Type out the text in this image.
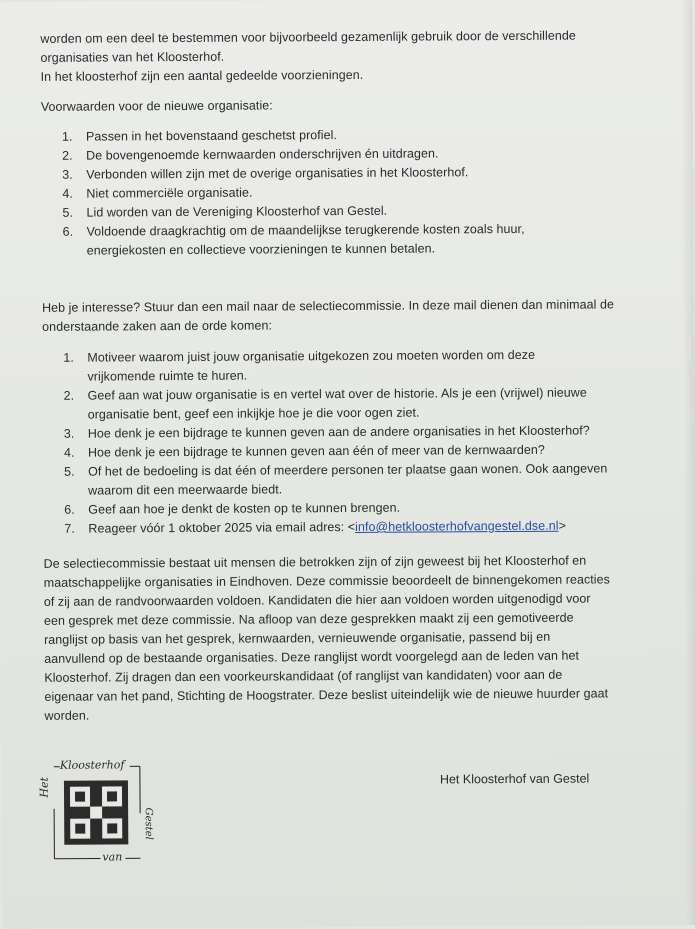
worden om een deel te bestemmen voor bijvoorbeeld gezamenlijk gebruik door de verschillende

organisaties van het Kloosterhof.

In het kloosterhof zijn een aantal gedeelde voorzieningen.

Voorwaarden voor de nieuwe organisatie:
1. Passen in het bovenstaand geschetst profiel.

2. De bovengenoemde kernwaarden onderschrijven én uitdragen.

3. Verbonden willen zijn met de overige organisaties in het Kloosterhof.

4. Niet commerciële organisatie.

5. Lid worden van de Vereniging Kloosterhof van Gestel.

6. Voldoende draagkrachtig om de maandelijkse terugkerende kosten zoals huur,

energiekosten en collectieve voorzieningen te kunnen betalen.

Heb je interesse? Stuur dan een mail naar de selectiecommissie. In deze mail dienen dan minimaal de

onderstaande zaken aan de orde komen:

1. Motiveer waarom juist jouw organisatie uitgekozen zou moeten worden om deze

vrijkomende ruimte te huren.

2. Geef aan wat jouw organisatie is en vertel wat over de historie. Als je een (vrijwel) nieuwe

organisatie bent, geef een inkijkje hoe je die voor ogen ziet.

3. Hoe denk je een bijdrage te kunnen geven aan de andere organisaties in het Kloosterhof?

4. Hoe denk je een bijdrage te kunnen geven aan één of meer van de kernwaarden?

5. Of het de bedoeling is dat één of meerdere personen ter plaatse gaan wonen. Ook aangeven

waarom dit een meerwaarde biedt.

6. Geef aan hoe je denkt de kosten op te kunnen brengen.

7. Reageer vóór 1 oktober 2025 via email adres: <info@hetkloosterhofvangestel.dse.nl>

De selectiecommissie bestaat uit mensen die betrokken zijn of zijn geweest bij het Kloosterhof en

maatschappelijke organisaties in Eindhoven. Deze commissie beoordeelt de binnengekomen reacties

of zij aan de randvoorwaarden voldoen. Kandidaten die hier aan voldoen worden uitgenodigd voor

een gesprek met deze commissie. Na afloop van deze gesprekken maakt zij een gemotiveerde

ranglijst op basis van het gesprek, kernwaarden, vernieuwende organisatie, passend bij en

aanvullend op de bestaande organisaties. Deze ranglijst wordt voorgelegd aan de leden van het

Kloosterhof. Zij dragen dan een voorkeurskandidaat (of ranglijst van kandidaten) voor aan de

eigenaar van het pand, Stichting de Hoogstrater. Deze beslist uiteindelijk wie de nieuwe huurder gaat

worden.

Kloosterhof
Het
Gestel
van
Het Kloosterhof van Gestel
